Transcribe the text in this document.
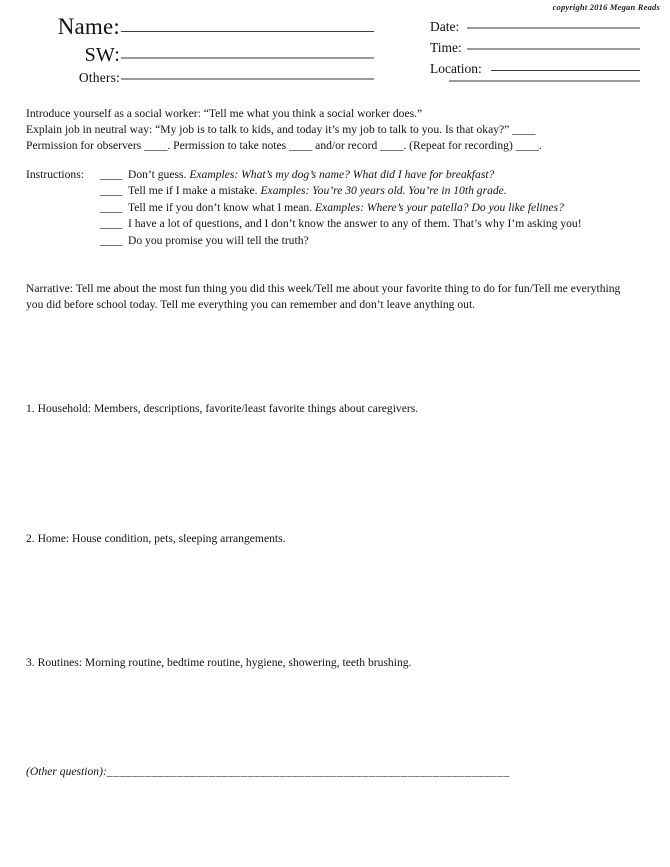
copyright 2016 Megan Reads
Name:
SW:
Others:
Date:
Time:
Location:
Introduce yourself as a social worker: “Tell me what you think a social worker does.”
Explain job in neutral way: “My job is to talk to kids, and today it’s my job to talk to you. Is that okay?” ____
Permission for observers ____. Permission to take notes ____ and/or record ____. (Repeat for recording) ____.
Instructions:	____ Don’t guess. Examples: What’s my dog’s name? What did I have for breakfast?
____ Tell me if I make a mistake. Examples: You’re 30 years old. You’re in 10th grade.
____ Tell me if you don’t know what I mean. Examples: Where’s your patella? Do you like felines?
____ I have a lot of questions, and I don’t know the answer to any of them. That’s why I’m asking you!
____ Do you promise you will tell the truth?
Narrative: Tell me about the most fun thing you did this week/Tell me about your favorite thing to do for fun/Tell me everything you did before school today. Tell me everything you can remember and don’t leave anything out.
1. Household: Members, descriptions, favorite/least favorite things about caregivers.
2. Home: House condition, pets, sleeping arrangements.
3. Routines: Morning routine, bedtime routine, hygiene, showering, teeth brushing.
(Other question):_______________________________________________________________
